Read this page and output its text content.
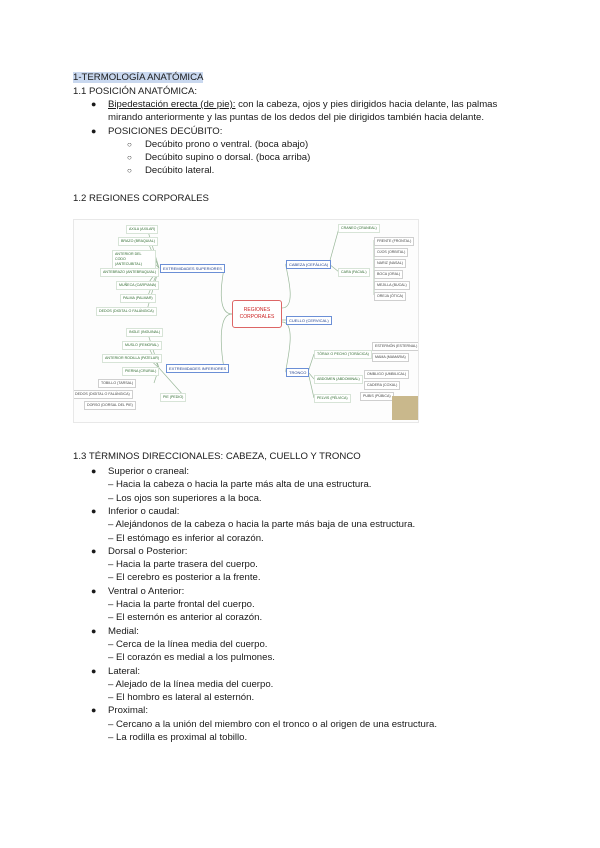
1-TERMOLOGÍA ANATÓMICA
1.1 POSICIÓN ANATÓMICA:
● Bipedestación erecta (de pie): con la cabeza, ojos y pies dirigidos hacia delante, las palmas
mirando anteriormente y las puntas de los dedos del pie dirigidos también hacia delante.
● POSICIONES DECÚBITO:
○ Decúbito prono o ventral. (boca abajo)
○ Decúbito supino o dorsal. (boca arriba)
○ Decúbito lateral.
1.2 REGIONES CORPORALES
REGIONES CORPORALES
EXTREMIDADES SUPERIORES
AXILA (AXILAR)
BRAZO (BRAQUIAL)
ANTERIOR DEL CODO (ANTECUBITAL)
ANTEBRAZO (ANTEBRAQUIAL)
MUÑECA (CARPIANA)
PALMA (PALMAR)
DEDOS (DIGITAL O FALÁNGICA)
EXTREMIDADES INFERIORES
INGLE (INGUINAL)
MUSLO (FEMORAL)
ANTERIOR RODILLA (PATELAR)
PIERNA (CRURAL)
TOBILLO (TARSAL)
DEDOS (DIGITAL O FALÁNGICA)
DORSO (DORSAL DEL PIE)
PIE (PEDIO)
CABEZA (CEFÁLICA)
CRANEO (CRANEAL)
CARA (FACIAL)
FRENTE (FRONTAL)
OJOS (ORBITAL)
NARIZ (NASAL)
BOCA (ORAL)
MEJILLA (BUCAL)
OREJA (ÓTICA)
CUELLO (CERVICAL)
TRONCO
TÓRAX O PECHO (TORÁCICA)
ABDOMEN (ABDOMINAL)
PELVIS (PÉLVICA)
ESTERNÓN (ESTERNAL)
MAMA (MAMARIA)
OMBLIGO (UMBILICAL)
CADERA (COXAL)
PUBIS (PÚBICA)
1.3 TÉRMINOS DIRECCIONALES: CABEZA, CUELLO Y TRONCO
● Superior o craneal:
– Hacia la cabeza o hacia la parte más alta de una estructura.
– Los ojos son superiores a la boca.
● Inferior o caudal:
– Alejándonos de la cabeza o hacia la parte más baja de una estructura.
– El estómago es inferior al corazón.
● Dorsal o Posterior:
– Hacia la parte trasera del cuerpo.
– El cerebro es posterior a la frente.
● Ventral o Anterior:
– Hacia la parte frontal del cuerpo.
– El esternón es anterior al corazón.
● Medial:
– Cerca de la línea media del cuerpo.
– El corazón es medial a los pulmones.
● Lateral:
– Alejado de la línea media del cuerpo.
– El hombro es lateral al esternón.
● Proximal:
– Cercano a la unión del miembro con el tronco o al origen de una estructura.
– La rodilla es proximal al tobillo.
